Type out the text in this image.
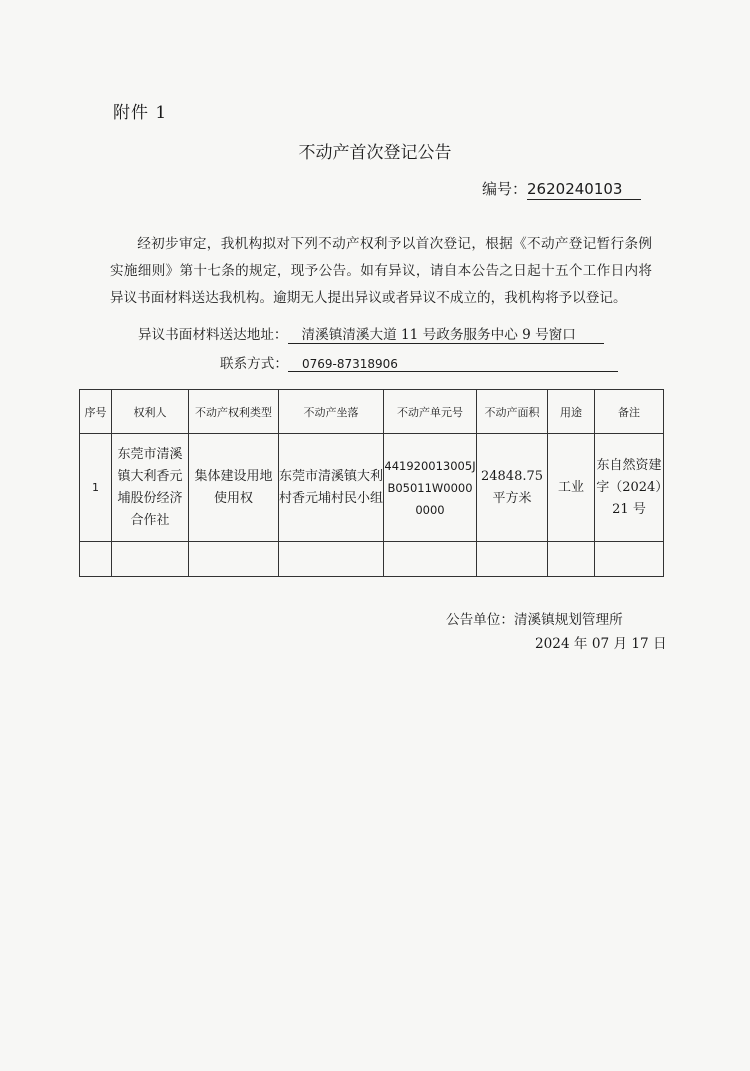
附件 1
不动产首次登记公告
编号：2620240103
经初步审定，我机构拟对下列不动产权利予以首次登记，根据《不动产登记暂行条例实施细则》第十七条的规定，现予公告。如有异议，请自本公告之日起十五个工作日内将异议书面材料送达我机构。逾期无人提出异议或者异议不成立的，我机构将予以登记。
异议书面材料送达地址： 清溪镇清溪大道 11 号政务服务中心 9 号窗口
联系方式： 0769-87318906
序号	权利人	不动产权利类型	不动产坐落	不动产单元号	不动产面积	用途	备注
1	东莞市清溪镇大利香元埔股份经济合作社	集体建设用地使用权	东莞市清溪镇大利村香元埔村民小组	441920013005JB05011W00000000	24848.75 平方米	工业	东自然资建字（2024）21 号

公告单位：清溪镇规划管理所
2024 年 07 月 17 日
